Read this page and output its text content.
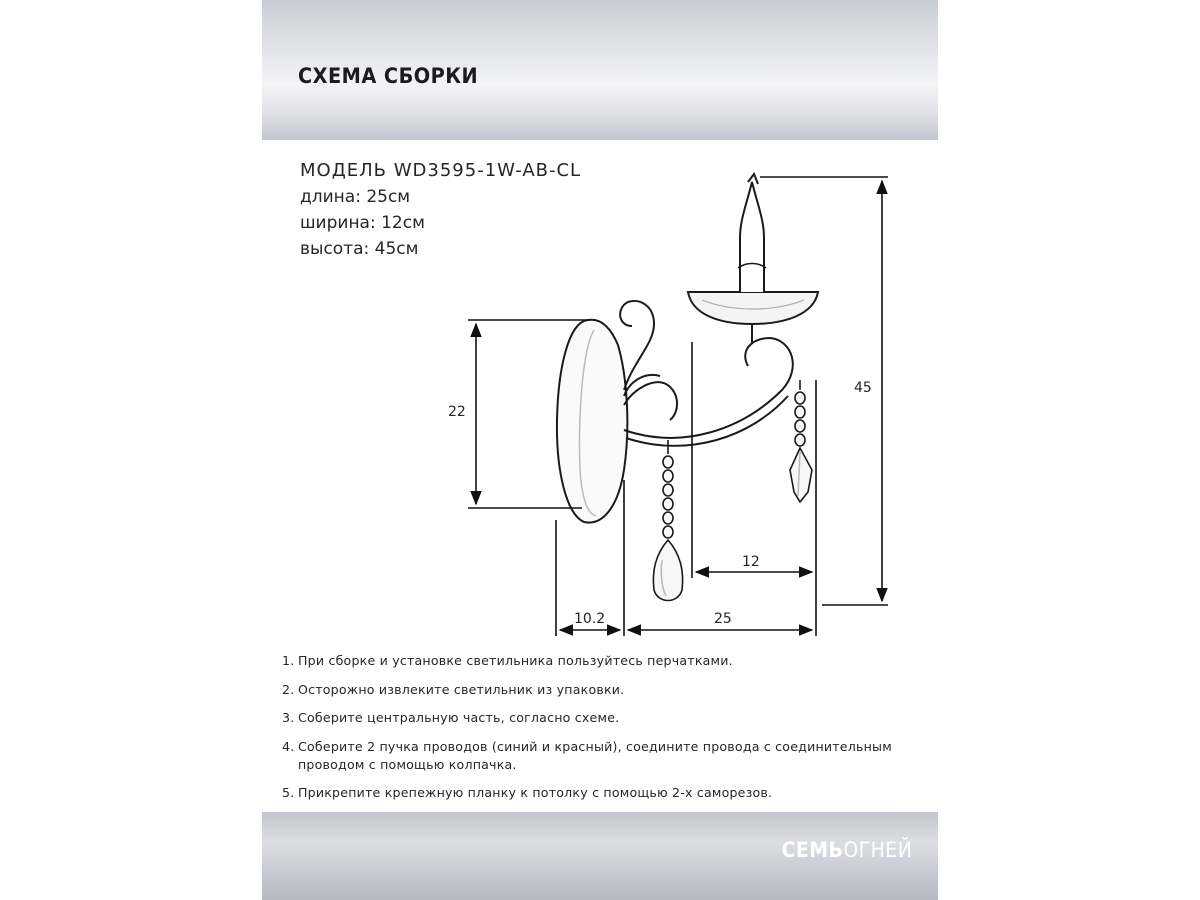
СХЕМА СБОРКИ
МОДЕЛЬ WD3595-1W-AB-CL
длина: 25см
ширина: 12см
высота: 45см
22
45
12
10.2	25
1. При сборке и установке светильника пользуйтесь перчатками.
2. Осторожно извлеките светильник из упаковки.
3. Соберите центральную часть, согласно схеме.
4. Соберите 2 пучка проводов (синий и красный), соедините провода с соединительным
проводом с помощью колпачка.
5. Прикрепите крепежную планку к потолку с помощью 2-х саморезов.
СЕМЬОГНЕЙ
